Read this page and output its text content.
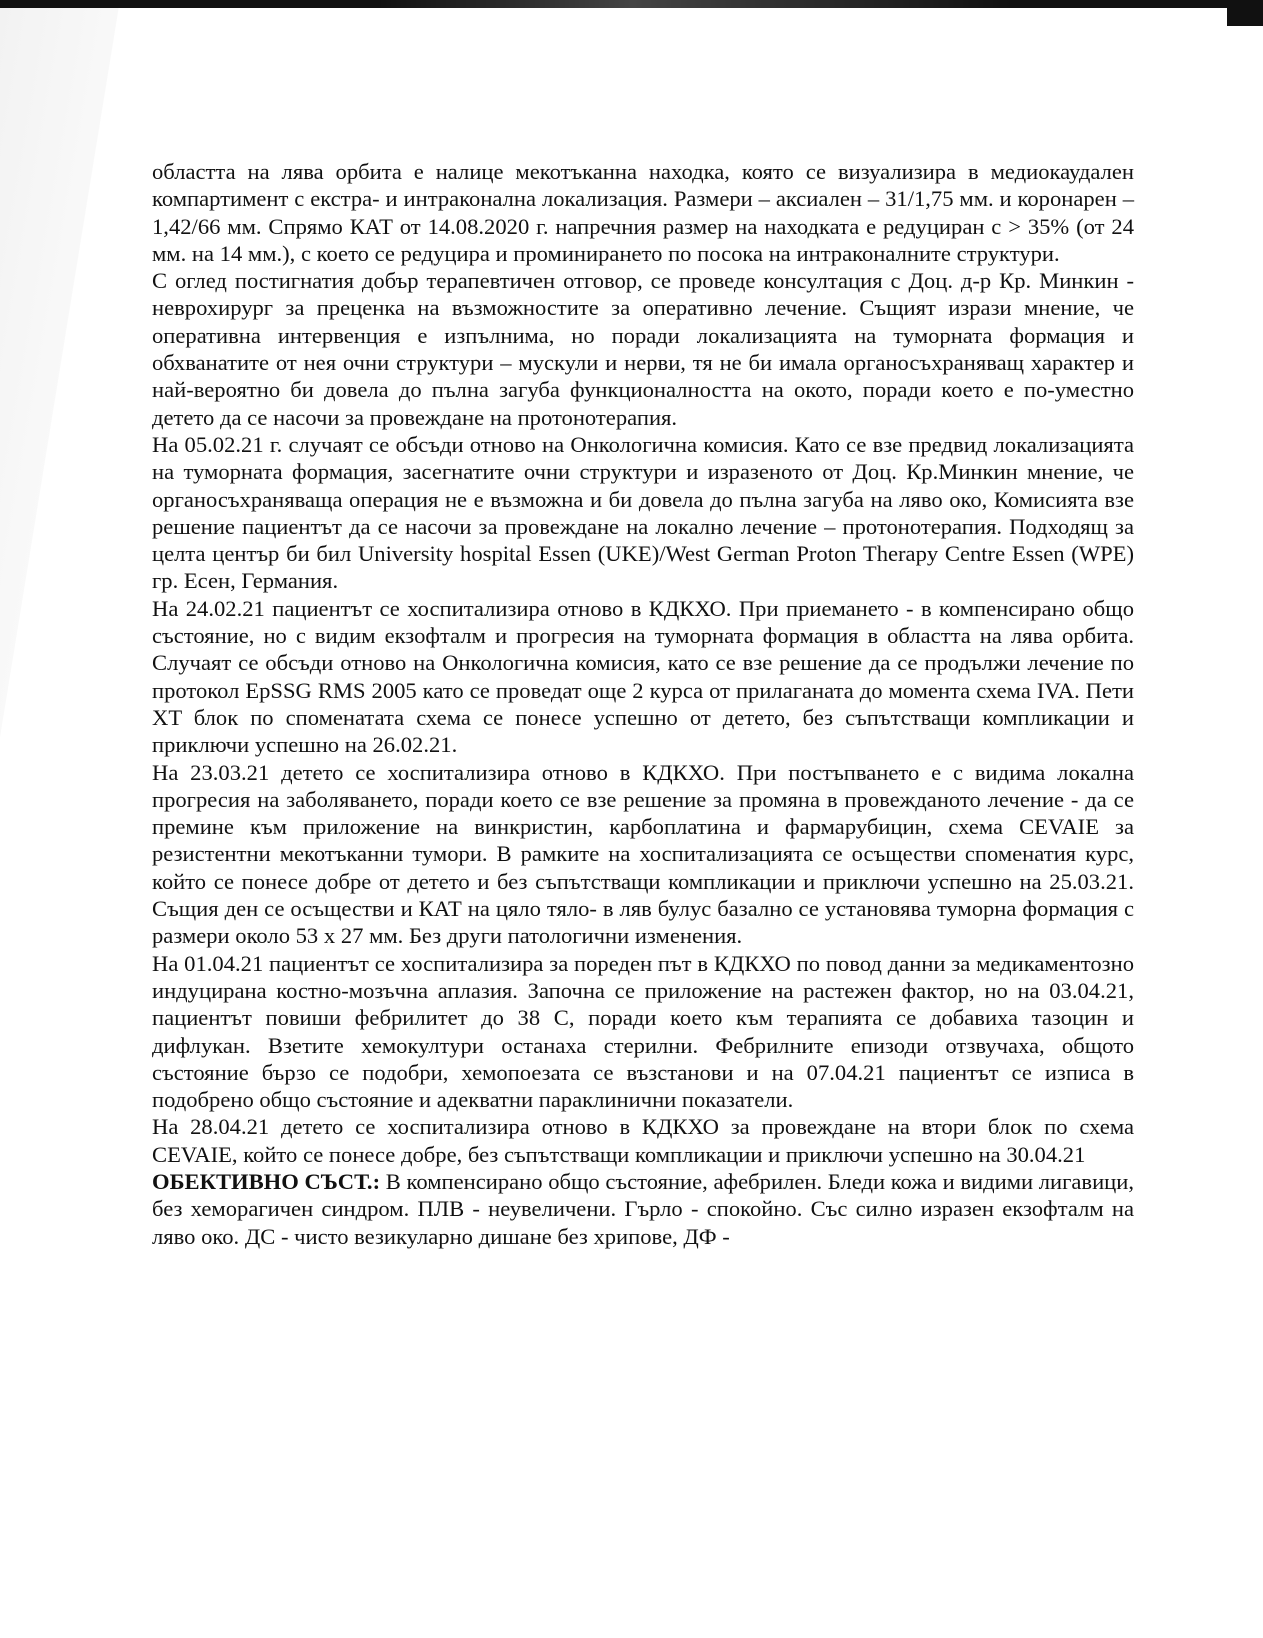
областта на лява орбита е налице мекотъканна находка, която се визуализира в медиокаудален компартимент с екстра- и интраконална локализация. Размери – аксиален – 31/1,75 мм. и коронарен – 1,42/66 мм. Спрямо КАТ от 14.08.2020 г. напречния размер на находката е редуциран с > 35% (от 24 мм. на 14 мм.), с което се редуцира и проминирането по посока на интраконалните структури.

С оглед постигнатия добър терапевтичен отговор, се проведе консултация с Доц. д-р Кр. Минкин - неврохирург за преценка на възможностите за оперативно лечение. Същият изрази мнение, че оперативна интервенция е изпълнима, но поради локализацията на туморната формация и обхванатите от нея очни структури – мускули и нерви, тя не би имала органосъхраняващ характер и най-вероятно би довела до пълна загуба функционалността на окото, поради което е по-уместно детето да се насочи за провеждане на протонотерапия.

На 05.02.21 г. случаят се обсъди отново на Онкологична комисия. Като се взе предвид локализацията на туморната формация, засегнатите очни структури и изразеното от Доц. Кр.Минкин мнение, че органосъхраняваща операция не е възможна и би довела до пълна загуба на ляво око, Комисията взе решение пациентът да се насочи за провеждане на локално лечение – протонотерапия. Подходящ за целта център би бил University hospital Essen (UKE)/West German Proton Therapy Centre Essen (WPE) гр. Есен, Германия.

На 24.02.21 пациентът се хоспитализира отново в КДКХО. При приемането - в компенсирано общо състояние, но с видим екзофталм и прогресия на туморната формация в областта на лява орбита. Случаят се обсъди отново на Онкологична комисия, като се взе решение да се продължи лечение по протокол EpSSG RMS 2005 като се проведат още 2 курса от прилаганата до момента схема IVA. Пети XT блок по споменатата схема се понесе успешно от детето, без съпътстващи компликации и приключи успешно на 26.02.21.

На 23.03.21 детето се хоспитализира отново в КДКХО. При постъпването е с видима локална прогресия на заболяването, поради което се взе решение за промяна в провежданото лечение - да се премине към приложение на винкристин, карбоплатина и фармарубицин, схема CEVAIE за резистентни мекотъканни тумори. В рамките на хоспитализацията се осъществи споменатия курс, който се понесе добре от детето и без съпътстващи компликации и приключи успешно на 25.03.21. Същия ден се осъществи и КАТ на цяло тяло- в ляв булус базално се установява туморна формация с размери около 53 x 27 мм. Без други патологични изменения.

На 01.04.21 пациентът се хоспитализира за пореден път в КДКХО по повод данни за медикаментозно индуцирана костно-мозъчна аплазия. Започна се приложение на растежен фактор, но на 03.04.21, пациентът повиши фебрилитет до 38 С, поради което към терапията се добавиха тазоцин и дифлукан. Взетите хемокултури останаха стерилни. Фебрилните епизоди отзвучаха, общото състояние бързо се подобри, хемопоезата се възстанови и на 07.04.21 пациентът се изписа в подобрено общо състояние и адекватни параклинични показатели.

На 28.04.21 детето се хоспитализира отново в КДКХО за провеждане на втори блок по схема CEVAIE, който се понесе добре, без съпътстващи компликации и приключи успешно на 30.04.21

ОБЕКТИВНО СЪСТ.: В компенсирано общо състояние, афебрилен. Бледи кожа и видими лигавици, без хеморагичен синдром. ПЛВ - неувеличени. Гърло - спокойно. Със силно изразен екзофталм на ляво око. ДС - чисто везикуларно дишане без хрипове, ДФ -
